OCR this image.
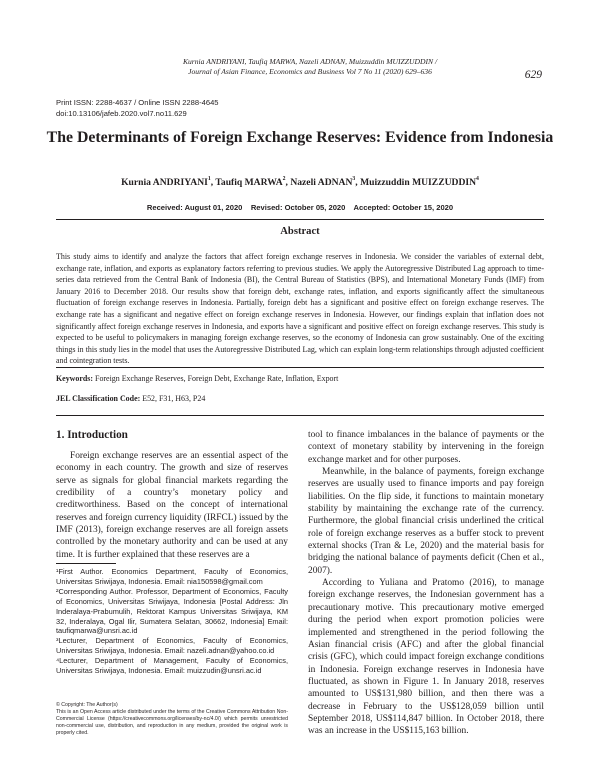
Kurnia ANDRIYANI, Taufiq MARWA, Nazeli ADNAN, Muizzuddin MUIZZUDDIN /
Journal of Asian Finance, Economics and Business Vol 7 No 11 (2020) 629–636	629
Print ISSN: 2288-4637 / Online ISSN 2288-4645
doi:10.13106/jafeb.2020.vol7.no11.629
The Determinants of Foreign Exchange Reserves: Evidence from Indonesia
Kurnia ANDRIYANI$^1$, Taufiq MARWA$^2$, Nazeli ADNAN$^3$, Muizzuddin MUIZZUDDIN$^4$
Received: August 01, 2020    Revised: October 05, 2020    Accepted: October 15, 2020
Abstract
This study aims to identify and analyze the factors that affect foreign exchange reserves in Indonesia. We consider the variables of external debt, exchange rate, inflation, and exports as explanatory factors referring to previous studies. We apply the Autoregressive Distributed Lag approach to time-series data retrieved from the Central Bank of Indonesia (BI), the Central Bureau of Statistics (BPS), and International Monetary Funds (IMF) from January 2016 to December 2018. Our results show that foreign debt, exchange rates, inflation, and exports significantly affect the simultaneous fluctuation of foreign exchange reserves in Indonesia. Partially, foreign debt has a significant and positive effect on foreign exchange reserves. The exchange rate has a significant and negative effect on foreign exchange reserves in Indonesia. However, our findings explain that inflation does not significantly affect foreign exchange reserves in Indonesia, and exports have a significant and positive effect on foreign exchange reserves. This study is expected to be useful to policymakers in managing foreign exchange reserves, so the economy of Indonesia can grow sustainably. One of the exciting things in this study lies in the model that uses the Autoregressive Distributed Lag, which can explain long-term relationships through adjusted coefficient and cointegration tests.
Keywords: Foreign Exchange Reserves, Foreign Debt, Exchange Rate, Inflation, Export
JEL Classification Code: E52, F31, H63, P24
1. Introduction

Foreign exchange reserves are an essential aspect of the economy in each country. The growth and size of reserves serve as signals for global financial markets regarding the credibility of a country’s monetary policy and creditworthiness. Based on the concept of international reserves and foreign currency liquidity (IRFCL) issued by the IMF (2013), foreign exchange reserves are all foreign assets controlled by the monetary authority and can be used at any time. It is further explained that these reserves are a

tool to finance imbalances in the balance of payments or the context of monetary stability by intervening in the foreign exchange market and for other purposes.

Meanwhile, in the balance of payments, foreign exchange reserves are usually used to finance imports and pay foreign liabilities. On the flip side, it functions to maintain monetary stability by maintaining the exchange rate of the currency. Furthermore, the global financial crisis underlined the critical role of foreign exchange reserves as a buffer stock to prevent external shocks (Tran & Le, 2020) and the material basis for bridging the national balance of payments deficit (Chen et al., 2007).

According to Yuliana and Pratomo (2016), to manage foreign exchange reserves, the Indonesian government has a precautionary motive. This precautionary motive emerged during the period when export promotion policies were implemented and strengthened in the period following the Asian financial crisis (AFC) and after the global financial crisis (GFC), which could impact foreign exchange conditions in Indonesia. Foreign exchange reserves in Indonesia have fluctuated, as shown in Figure 1. In January 2018, reserves amounted to US$131,980 billion, and then there was a decrease in February to the US$128,059 billion until September 2018, US$114,847 billion. In October 2018, there was an increase in the US$115,163 billion.

¹First Author. Economics Department, Faculty of Economics, Universitas Sriwijaya, Indonesia. Email: nia150598@gmail.com
²Corresponding Author. Professor, Department of Economics, Faculty of Economics, Universitas Sriwijaya, Indonesia [Postal Address: Jln Inderalaya-Prabumulih, Rektorat Kampus Universitas Sriwijaya, KM 32, Inderalaya, Ogal Ilir, Sumatera Selatan, 30662, Indonesia] Email: taufiqmarwa@unsri.ac.id
³Lecturer, Department of Economics, Faculty of Economics, Universitas Sriwijaya, Indonesia. Email: nazeli.adnan@yahoo.co.id
⁴Lecturer, Department of Management, Faculty of Economics, Universitas Sriwijaya, Indonesia. Email: muizzudin@unsri.ac.id
© Copyright: The Author(s)
This is an Open Access article distributed under the terms of the Creative Commons Attribution Non-Commercial License (https://creativecommons.org/licenses/by-nc/4.0/) which permits unrestricted non-commercial use, distribution, and reproduction in any medium, provided the original work is properly cited.
